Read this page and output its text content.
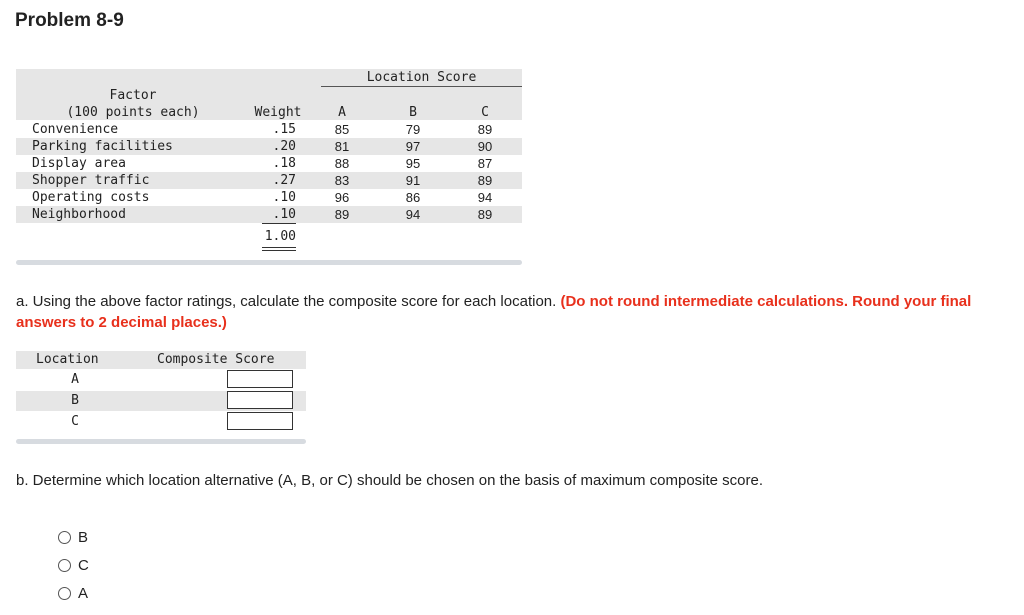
Problem 8-9
Location Score
Factor
(100 points each)	Weight	A	B	C
Convenience	.15	85	79	89
Parking facilities	.20	81	97	90
Display area	.18	88	95	87
Shopper traffic	.27	83	91	89
Operating costs	.10	96	86	94
Neighborhood	.10	89	94	89
1.00
a. Using the above factor ratings, calculate the composite score for each location. (Do not round intermediate calculations. Round your final answers to 2 decimal places.)
Location	Composite Score
A
B
C
b. Determine which location alternative (A, B, or C) should be chosen on the basis of maximum composite score.
B
C
A
